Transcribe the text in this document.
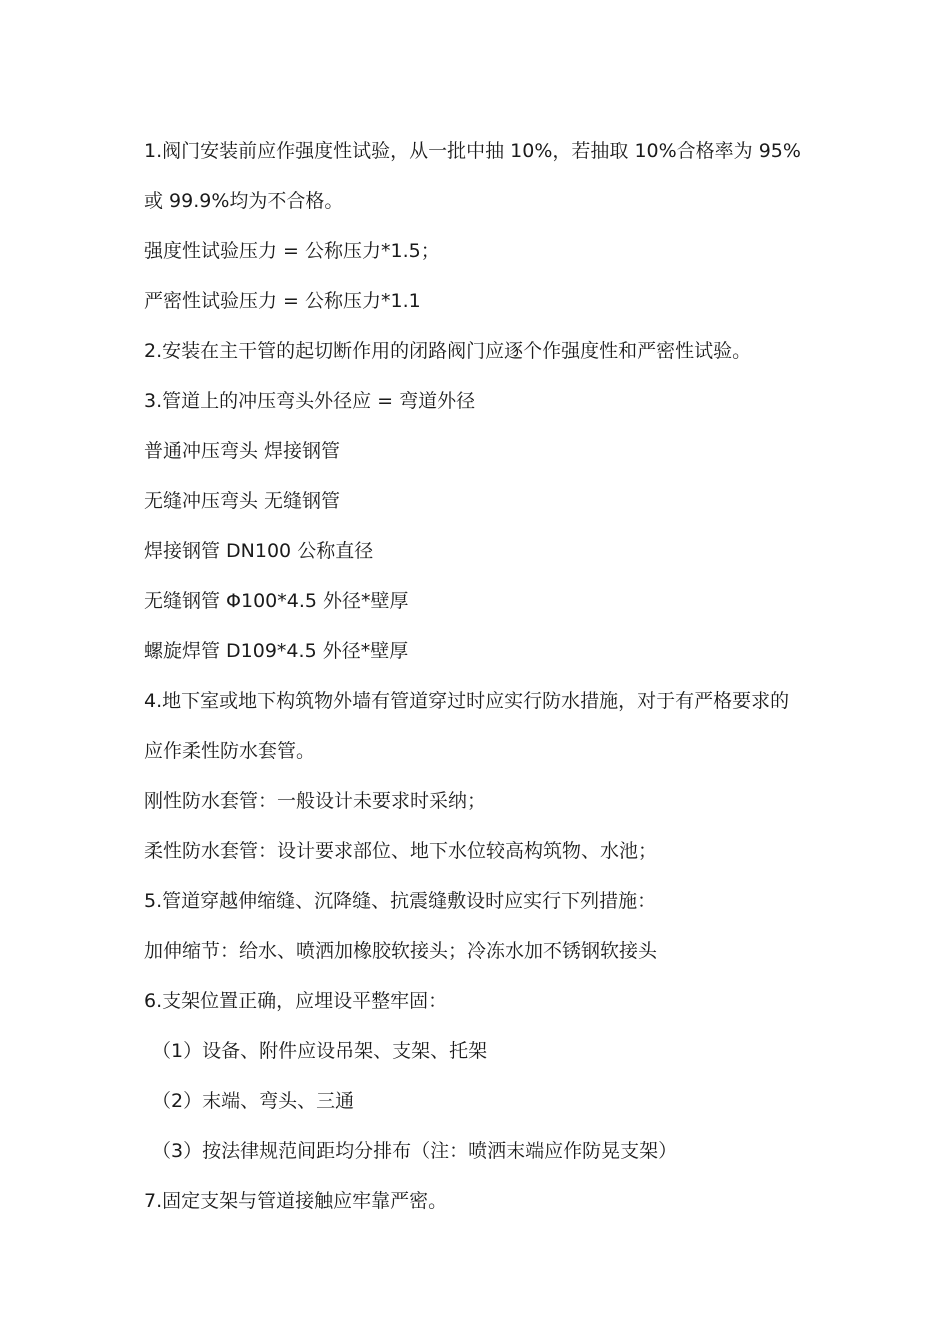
1.阀门安装前应作强度性试验，从一批中抽 10%，若抽取 10%合格率为 95%
或 99.9%均为不合格。
强度性试验压力 = 公称压力*1.5；
严密性试验压力 = 公称压力*1.1
2.安装在主干管的起切断作用的闭路阀门应逐个作强度性和严密性试验。
3.管道上的冲压弯头外径应 = 弯道外径
普通冲压弯头 焊接钢管
无缝冲压弯头 无缝钢管
焊接钢管 DN100 公称直径
无缝钢管 Φ100*4.5 外径*壁厚
螺旋焊管 D109*4.5 外径*壁厚
4.地下室或地下构筑物外墙有管道穿过时应实行防水措施，对于有严格要求的
应作柔性防水套管。
刚性防水套管：一般设计未要求时采纳；
柔性防水套管：设计要求部位、地下水位较高构筑物、水池；
5.管道穿越伸缩缝、沉降缝、抗震缝敷设时应实行下列措施：
加伸缩节：给水、喷洒加橡胶软接头；冷冻水加不锈钢软接头
6.支架位置正确，应埋设平整牢固：
（1）设备、附件应设吊架、支架、托架
（2）末端、弯头、三通
（3）按法律规范间距均分排布（注：喷洒末端应作防晃支架）
7.固定支架与管道接触应牢靠严密。
